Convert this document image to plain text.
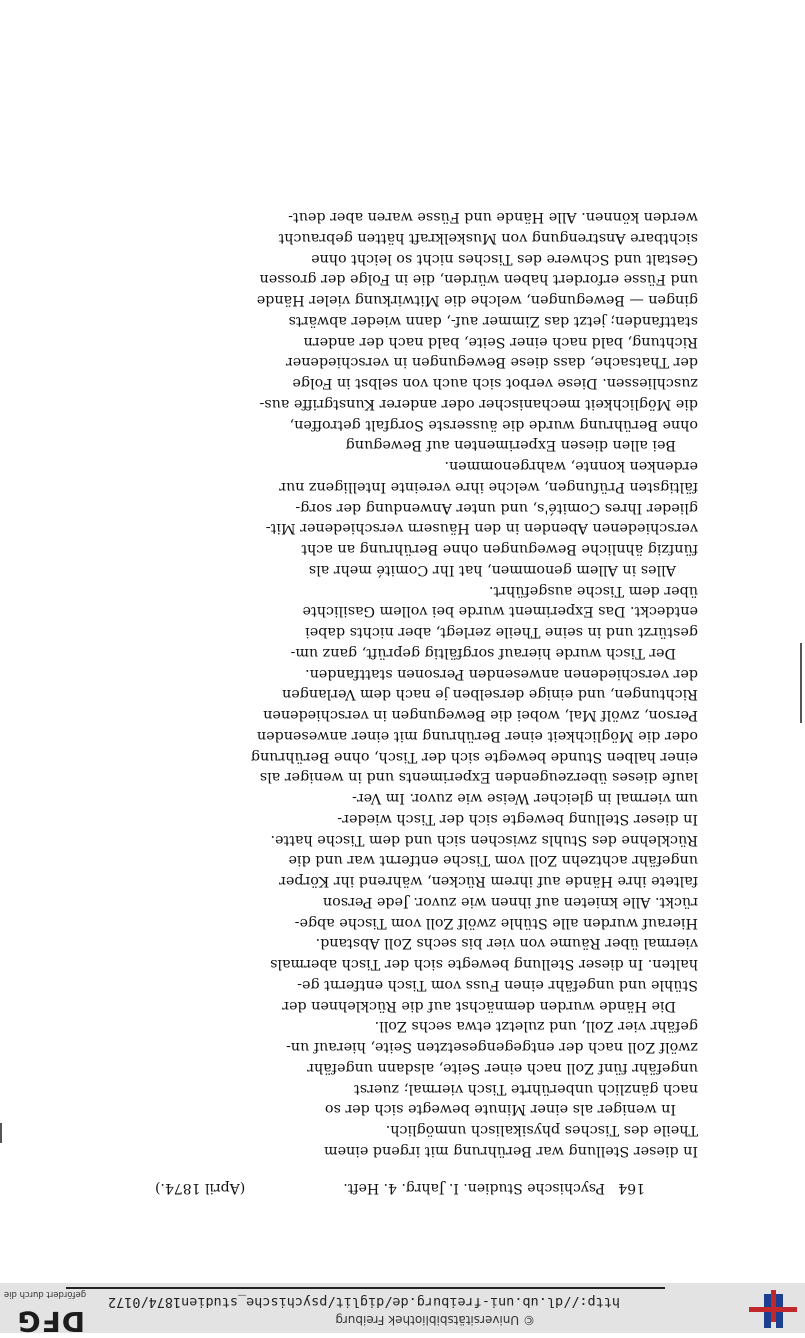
http://dl.ub.uni-freiburg.de/diglit/psychische_studien1874/0172
© Universitätsbibliothek Freiburg
DFG
gefördert durch die
164
Psychische Studien. I. Jahrg. 4. Heft.
(April 1874.)
In dieser Stellung war Berührung mit irgend einem
Theile des Tisches physikalisch unmöglich.
In weniger als einer Minute bewegte sich der so
nach gänzlich unberührte Tisch viermal; zuerst
ungefähr fünf Zoll nach einer Seite, alsdann ungefähr
zwölf Zoll nach der entgegengesetzten Seite, hierauf un-
gefähr vier Zoll, und zuletzt etwa sechs Zoll.
Die Hände wurden demnächst auf die Rücklehnen der
Stühle und ungefähr einen Fuss vom Tisch entfernt ge-
halten. In dieser Stellung bewegte sich der Tisch abermals
viermal über Räume von vier bis sechs Zoll Abstand.
Hierauf wurden alle Stühle zwölf Zoll vom Tische abge-
rückt. Alle knieten auf ihnen wie zuvor. Jede Person
faltete ihre Hände auf ihrem Rücken, während ihr Körper
ungefähr achtzehn Zoll vom Tische entfernt war und die
Rücklehne des Stuhls zwischen sich und dem Tische hatte.
In dieser Stellung bewegte sich der Tisch wieder-
um viermal in gleicher Weise wie zuvor. Im Ver-
laufe dieses überzeugenden Experiments und in weniger als
einer halben Stunde bewegte sich der Tisch, ohne Berührung
oder die Möglichkeit einer Berührung mit einer anwesenden
Person, zwölf Mal, wobei die Bewegungen in verschiedenen
Richtungen, und einige derselben je nach dem Verlangen
der verschiedenen anwesenden Personen stattfanden.
Der Tisch wurde hierauf sorgfältig geprüft, ganz um-
gestürzt und in seine Theile zerlegt, aber nichts dabei
entdeckt. Das Experiment wurde bei vollem Gasilichte
über dem Tische ausgeführt.
Alles in Allem genommen, hat Ihr Comité mehr als
fünfzig ähnliche Bewegungen ohne Berührung an acht
verschiedenen Abenden in den Häusern verschiedener Mit-
glieder Ihres Comité's, und unter Anwendung der sorg-
fältigsten Prüfungen, welche ihre vereinte Intelligenz nur
erdenken konnte, wahrgenommen.
Bei allen diesen Experimenten auf Bewegung
ohne Berührung wurde die äusserste Sorgfalt getroffen,
die Möglichkeit mechanischer oder anderer Kunstgriffe aus-
zuschliessen. Diese verbot sich auch von selbst in Folge
der Thatsache, dass diese Bewegungen in verschiedener
Richtung, bald nach einer Seite, bald nach der andern
stattfanden; jetzt das Zimmer auf-, dann wieder abwärts
gingen — Bewegungen, welche die Mitwirkung vieler Hände
und Füsse erfordert haben würden, die in Folge der grossen
Gestalt und Schwere des Tisches nicht so leicht ohne
sichtbare Anstrengung von Muskelkraft hätten gebraucht
werden können. Alle Hände und Füsse waren aber deut-
